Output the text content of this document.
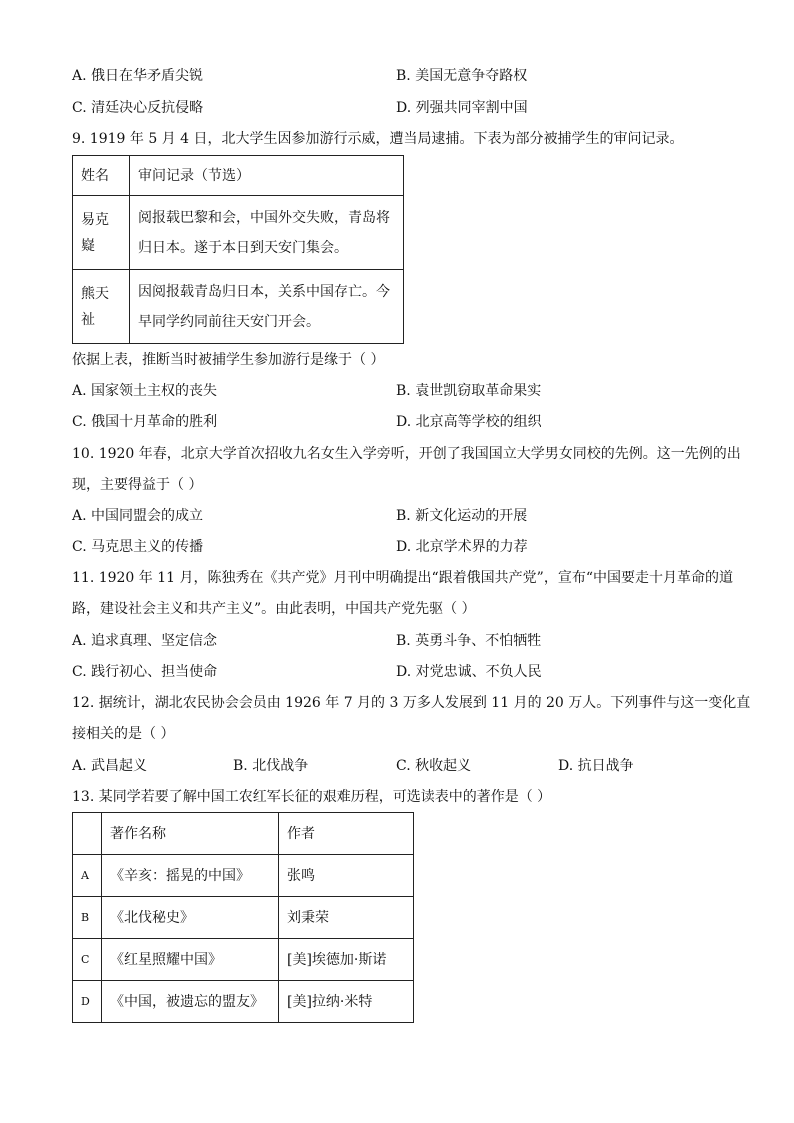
A. 俄日在华矛盾尖锐	B. 美国无意争夺路权
C. 清廷决心反抗侵略	D. 列强共同宰割中国
9. 1919 年 5 月 4 日，北大学生因参加游行示威，遭当局逮捕。下表为部分被捕学生的审问记录。
姓名	审问记录（节选）
易克嶷	阅报载巴黎和会，中国外交失败，青岛将
归日本。遂于本日到天安门集会。

熊天祉	因阅报载青岛归日本，关系中国存亡。今
早同学约同前往天安门开会。
依据上表，推断当时被捕学生参加游行是缘于（ ）
A. 国家领土主权的丧失	B. 袁世凯窃取革命果实
C. 俄国十月革命的胜利	D. 北京高等学校的组织
10. 1920 年春，北京大学首次招收九名女生入学旁听，开创了我国国立大学男女同校的先例。这一先例的出
现，主要得益于（ ）
A. 中国同盟会的成立	B. 新文化运动的开展
C. 马克思主义的传播	D. 北京学术界的力荐
11. 1920 年 11 月，陈独秀在《共产党》月刊中明确提出“跟着俄国共产党”，宣布“中国要走十月革命的道
路，建设社会主义和共产主义”。由此表明，中国共产党先驱（ ）
A. 追求真理、坚定信念	B. 英勇斗争、不怕牺牲
C. 践行初心、担当使命	D. 对党忠诚、不负人民
12. 据统计，湖北农民协会会员由 1926 年 7 月的 3 万多人发展到 11 月的 20 万人。下列事件与这一变化直
接相关的是（ ）
A. 武昌起义	B. 北伐战争	C. 秋收起义	D. 抗日战争
13. 某同学若要了解中国工农红军长征的艰难历程，可选读表中的著作是（ ）
	著作名称	作者
A	《辛亥：摇晃的中国》	张鸣
B	《北伐秘史》	刘秉荣
C	《红星照耀中国》	[美]埃德加·斯诺
D	《中国，被遗忘的盟友》	[美]拉纳·米特
